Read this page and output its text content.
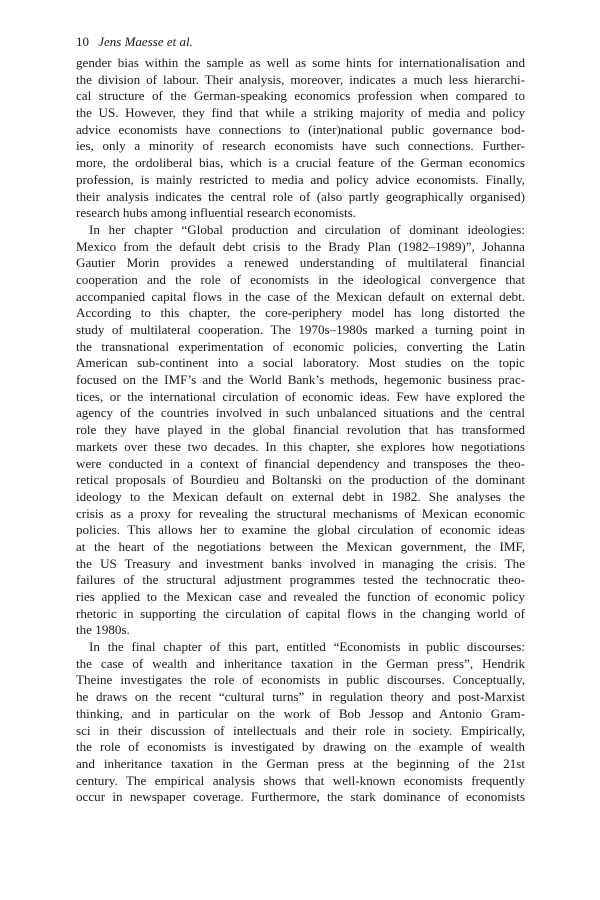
10 Jens Maesse et al.
gender bias within the sample as well as some hints for internationalisation and
the division of labour. Their analysis, moreover, indicates a much less hierarchi-
cal structure of the German-speaking economics profession when compared to
the US. However, they find that while a striking majority of media and policy
advice economists have connections to (inter)national public governance bod-
ies, only a minority of research economists have such connections. Further-
more, the ordoliberal bias, which is a crucial feature of the German economics
profession, is mainly restricted to media and policy advice economists. Finally,
their analysis indicates the central role of (also partly geographically organised)
research hubs among influential research economists.
In her chapter “Global production and circulation of dominant ideologies:
Mexico from the default debt crisis to the Brady Plan (1982–1989)”, Johanna
Gautier Morin provides a renewed understanding of multilateral financial
cooperation and the role of economists in the ideological convergence that
accompanied capital flows in the case of the Mexican default on external debt.
According to this chapter, the core-periphery model has long distorted the
study of multilateral cooperation. The 1970s–1980s marked a turning point in
the transnational experimentation of economic policies, converting the Latin
American sub-continent into a social laboratory. Most studies on the topic
focused on the IMF’s and the World Bank’s methods, hegemonic business prac-
tices, or the international circulation of economic ideas. Few have explored the
agency of the countries involved in such unbalanced situations and the central
role they have played in the global financial revolution that has transformed
markets over these two decades. In this chapter, she explores how negotiations
were conducted in a context of financial dependency and transposes the theo-
retical proposals of Bourdieu and Boltanski on the production of the dominant
ideology to the Mexican default on external debt in 1982. She analyses the
crisis as a proxy for revealing the structural mechanisms of Mexican economic
policies. This allows her to examine the global circulation of economic ideas
at the heart of the negotiations between the Mexican government, the IMF,
the US Treasury and investment banks involved in managing the crisis. The
failures of the structural adjustment programmes tested the technocratic theo-
ries applied to the Mexican case and revealed the function of economic policy
rhetoric in supporting the circulation of capital flows in the changing world of
the 1980s.
In the final chapter of this part, entitled “Economists in public discourses:
the case of wealth and inheritance taxation in the German press”, Hendrik
Theine investigates the role of economists in public discourses. Conceptually,
he draws on the recent “cultural turns” in regulation theory and post-Marxist
thinking, and in particular on the work of Bob Jessop and Antonio Gram-
sci in their discussion of intellectuals and their role in society. Empirically,
the role of economists is investigated by drawing on the example of wealth
and inheritance taxation in the German press at the beginning of the 21st
century. The empirical analysis shows that well-known economists frequently
occur in newspaper coverage. Furthermore, the stark dominance of economists
